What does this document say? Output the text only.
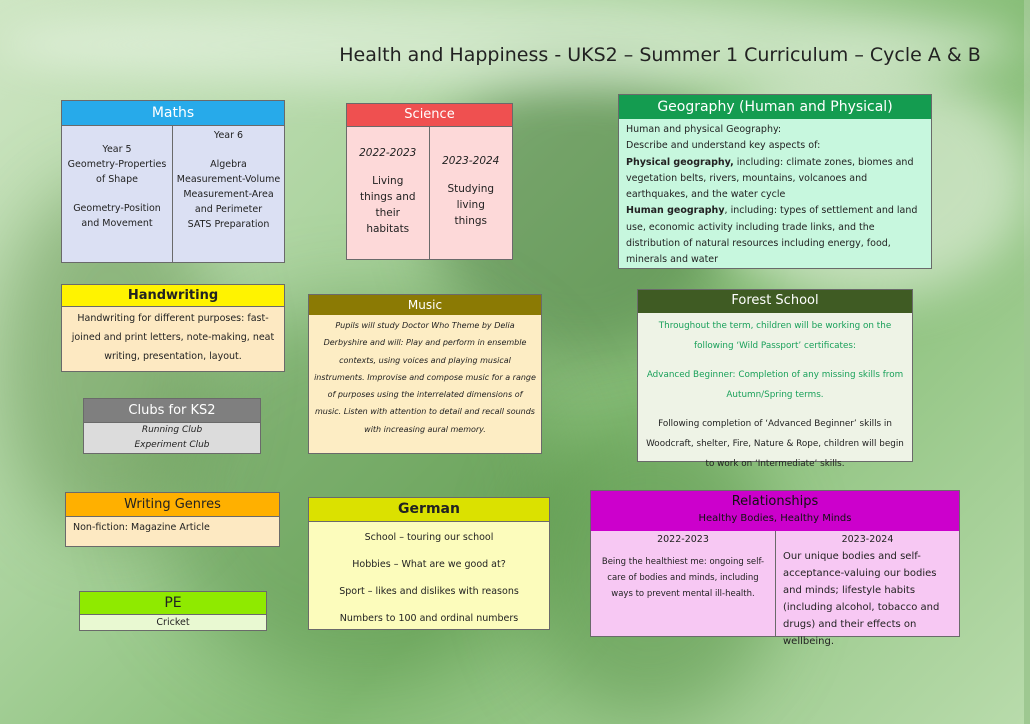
Health and Happiness - UKS2 – Summer 1 Curriculum – Cycle A & B
Maths

Year 5

Geometry-Properties of Shape

Geometry-Position and Movement

Year 6

Algebra

Measurement-Volume

Measurement-Area and Perimeter

SATS Preparation

Science
2022-2023
Living things and their habitats
2023-2024
Studying living things
Geography (Human and Physical)
Human and physical Geography:
Describe and understand key aspects of:
Physical geography, including: climate zones, biomes and vegetation belts, rivers, mountains, volcanoes and earthquakes, and the water cycle
Human geography, including: types of settlement and land use, economic activity including trade links, and the distribution of natural resources including energy, food, minerals and water
Handwriting
Handwriting for different purposes: fast-joined and print letters, note-making, neat writing, presentation, layout.
Music
Pupils will study Doctor Who Theme by Delia Derbyshire and will: Play and perform in ensemble contexts, using voices and playing musical instruments. Improvise and compose music for a range of purposes using the interrelated dimensions of music. Listen with attention to detail and recall sounds with increasing aural memory.
Forest School

Throughout the term, children will be working on the following ‘Wild Passport’ certificates:

Advanced Beginner: Completion of any missing skills from Autumn/Spring terms.

Following completion of ‘Advanced Beginner’ skills in Woodcraft, shelter, Fire, Nature & Rope, children will begin to work on ‘Intermediate’ skills.

Clubs for KS2
Running Club
Experiment Club
Writing Genres
Non-fiction: Magazine Article
German
School – touring our school
Hobbies – What are we good at?
Sport – likes and dislikes with reasons
Numbers to 100 and ordinal numbers
Relationships
Healthy Bodies, Healthy Minds
2022-2023
Being the healthiest me: ongoing self-care of bodies and minds, including ways to prevent mental ill-health.
2023-2024
Our unique bodies and self-acceptance-valuing our bodies and minds; lifestyle habits (including alcohol, tobacco and drugs) and their effects on wellbeing.
PE
Cricket
